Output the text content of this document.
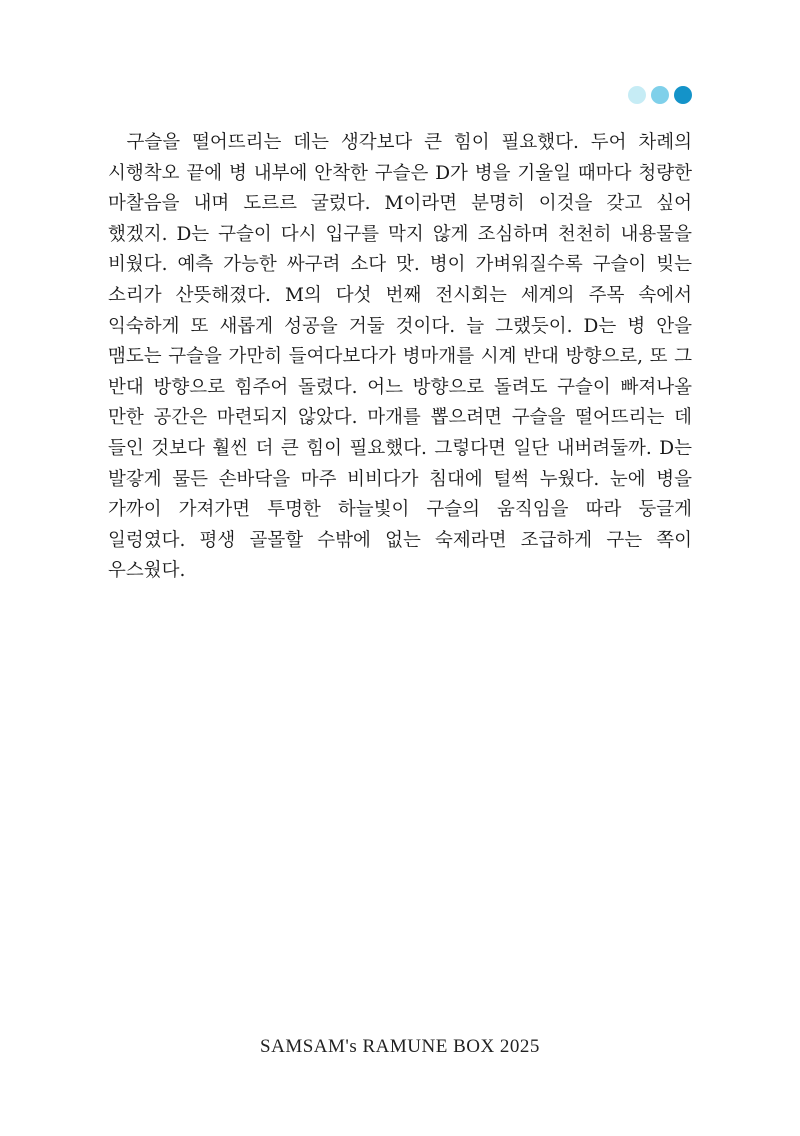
구슬을 떨어뜨리는 데는 생각보다 큰 힘이 필요했다. 두어 차례의 시행착오 끝에 병 내부에 안착한 구슬은 D가 병을 기울일 때마다 청량한 마찰음을 내며 도르르 굴렀다. M이라면 분명히 이것을 갖고 싶어 했겠지. D는 구슬이 다시 입구를 막지 않게 조심하며 천천히 내용물을 비웠다. 예측 가능한 싸구려 소다 맛. 병이 가벼워질수록 구슬이 빚는 소리가 산뜻해졌다. M의 다섯 번째 전시회는 세계의 주목 속에서 익숙하게 또 새롭게 성공을 거둘 것이다. 늘 그랬듯이. D는 병 안을 맴도는 구슬을 가만히 들여다보다가 병마개를 시계 반대 방향으로, 또 그 반대 방향으로 힘주어 돌렸다. 어느 방향으로 돌려도 구슬이 빠져나올 만한 공간은 마련되지 않았다. 마개를 뽑으려면 구슬을 떨어뜨리는 데 들인 것보다 훨씬 더 큰 힘이 필요했다. 그렇다면 일단 내버려둘까. D는 발갛게 물든 손바닥을 마주 비비다가 침대에 털썩 누웠다. 눈에 병을 가까이 가져가면 투명한 하늘빛이 구슬의 움직임을 따라 둥글게 일렁였다. 평생 골몰할 수밖에 없는 숙제라면 조급하게 구는 쪽이 우스웠다.

SAMSAM's RAMUNE BOX 2025
